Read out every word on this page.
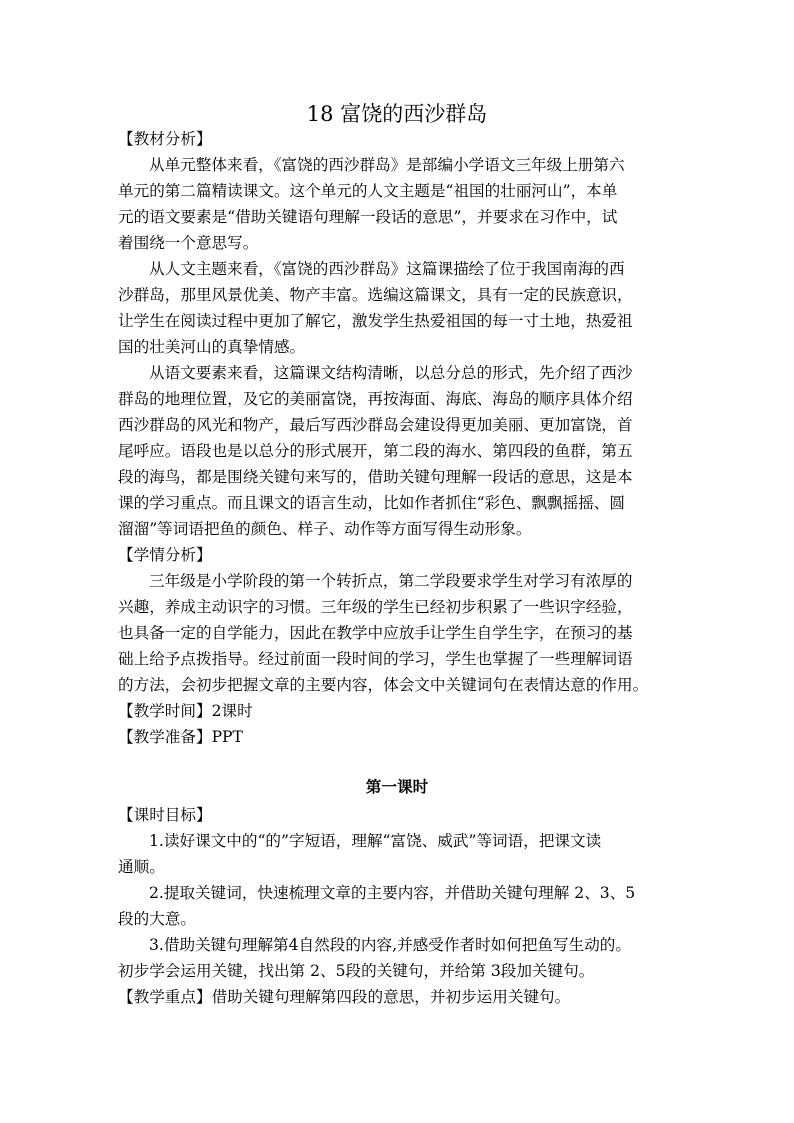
18 富饶的西沙群岛
【教材分析】
从单元整体来看，《富饶的西沙群岛》是部编小学语文三年级上册第六
单元的第二篇精读课文。这个单元的人文主题是“祖国的壮丽河山”，本单
元的语文要素是“借助关键语句理解一段话的意思”，并要求在习作中，试
着围绕一个意思写。
从人文主题来看，《富饶的西沙群岛》这篇课描绘了位于我国南海的西
沙群岛，那里风景优美、物产丰富。选编这篇课文，具有一定的民族意识，
让学生在阅读过程中更加了解它，激发学生热爱祖国的每一寸土地，热爱祖
国的壮美河山的真挚情感。
从语文要素来看，这篇课文结构清晰，以总分总的形式，先介绍了西沙
群岛的地理位置，及它的美丽富饶，再按海面、海底、海岛的顺序具体介绍
西沙群岛的风光和物产，最后写西沙群岛会建设得更加美丽、更加富饶，首
尾呼应。语段也是以总分的形式展开，第二段的海水、第四段的鱼群，第五
段的海鸟，都是围绕关键句来写的，借助关键句理解一段话的意思，这是本
课的学习重点。而且课文的语言生动，比如作者抓住“彩色、飘飘摇摇、圆
溜溜”等词语把鱼的颜色、样子、动作等方面写得生动形象。
【学情分析】
三年级是小学阶段的第一个转折点，第二学段要求学生对学习有浓厚的
兴趣，养成主动识字的习惯。三年级的学生已经初步积累了一些识字经验，
也具备一定的自学能力，因此在教学中应放手让学生自学生字，在预习的基
础上给予点拨指导。经过前面一段时间的学习，学生也掌握了一些理解词语
的方法，会初步把握文章的主要内容，体会文中关键词句在表情达意的作用。
【教学时间】2课时
【教学准备】PPT
第一课时
【课时目标】
1.读好课文中的“的”字短语，理解“富饶、威武”等词语，把课文读
通顺。
2.提取关键词，快速梳理文章的主要内容，并借助关键句理解 2、3、5
段的大意。
3.借助关键句理解第4自然段的内容,并感受作者时如何把鱼写生动的。
初步学会运用关键，找出第 2、5段的关键句，并给第 3段加关键句。
【教学重点】借助关键句理解第四段的意思，并初步运用关键句。
